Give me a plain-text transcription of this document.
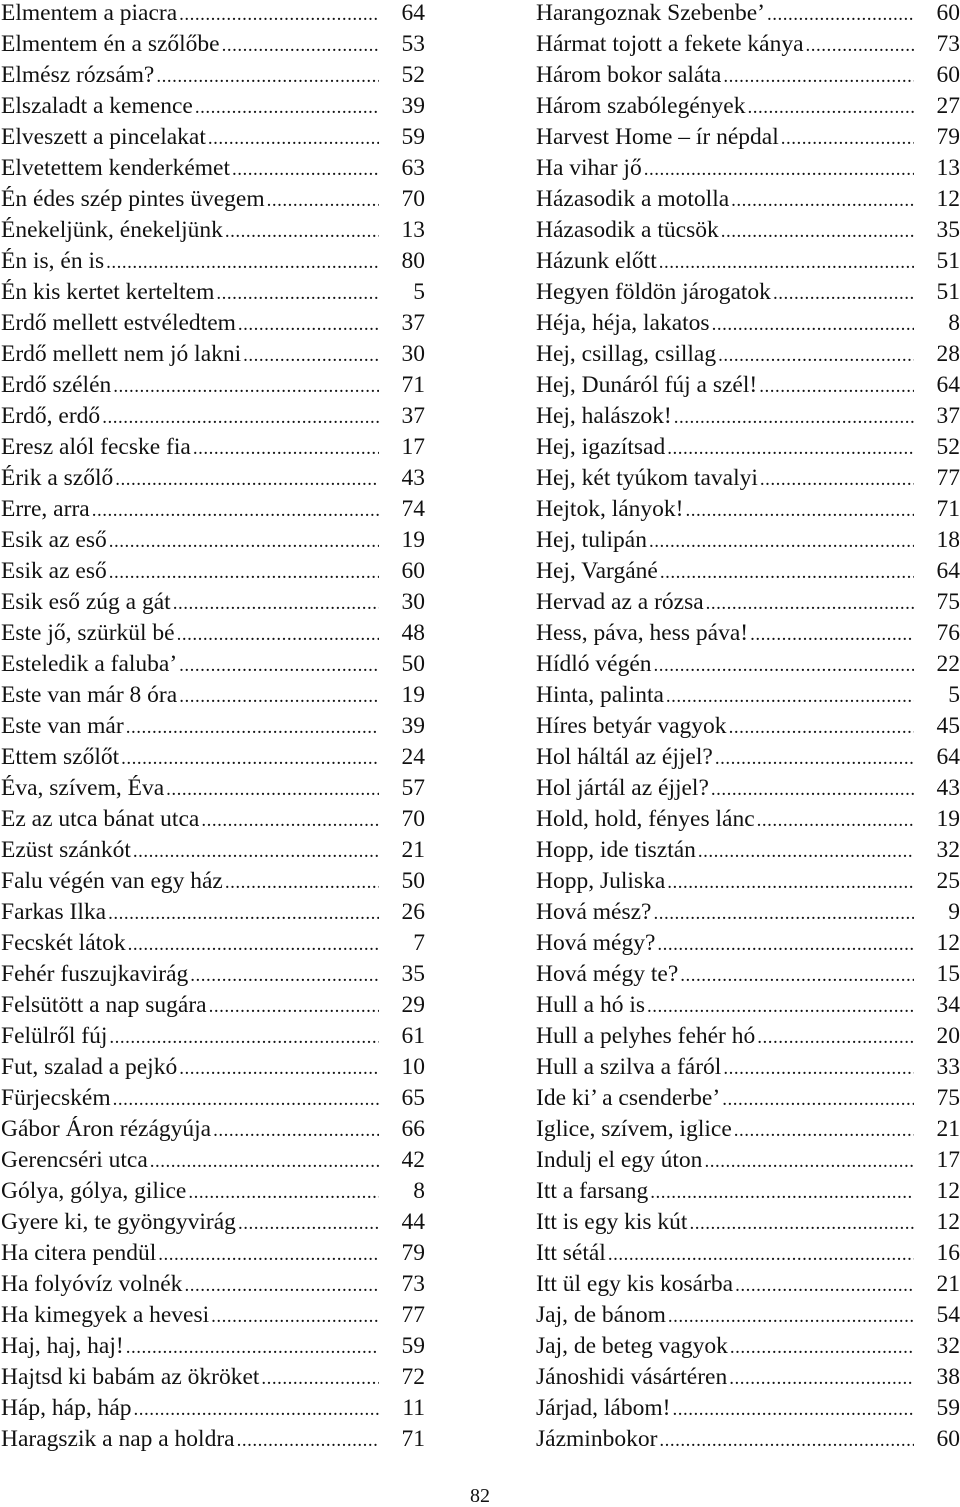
Elmentem a piacra .....	64
Elmentem én a szőlőbe .....	53
Elmész rózsám? .....	52
Elszaladt a kemence .....	39
Elveszett a pincelakat .....	59
Elvetettem kenderkémet .....	63
Én édes szép pintes üvegem .....	70
Énekeljünk, énekeljünk .....	13
Én is, én is .....	80
Én kis kertet kerteltem .....	5
Erdő mellett estvéledtem .....	37
Erdő mellett nem jó lakni .....	30
Erdő szélén .....	71
Erdő, erdő .....	37
Eresz alól fecske fia .....	17
Érik a szőlő .....	43
Erre, arra .....	74
Esik az eső .....	19
Esik az eső .....	60
Esik eső zúg a gát .....	30
Este jő, szürkül bé .....	48
Esteledik a faluba’ .....	50
Este van már 8 óra .....	19
Este van már .....	39
Ettem szőlőt .....	24
Éva, szívem, Éva .....	57
Ez az utca bánat utca .....	70
Ezüst szánkót .....	21
Falu végén van egy ház .....	50
Farkas Ilka .....	26
Fecskét látok .....	7
Fehér fuszujkavirág .....	35
Felsütött a nap sugára .....	29
Felülről fúj .....	61
Fut, szalad a pejkó .....	10
Fürjecském .....	65
Gábor Áron rézágyúja .....	66
Gerencséri utca .....	42
Gólya, gólya, gilice .....	8
Gyere ki, te gyöngyvirág .....	44
Ha citera pendül .....	79
Ha folyóvíz volnék .....	73
Ha kimegyek a hevesi .....	77
Haj, haj, haj! .....	59
Hajtsd ki babám az ökröket .....	72
Háp, háp, háp .....	11
Haragszik a nap a holdra .....	71
Harangoznak Szebenbe’ .....	60
Hármat tojott a fekete kánya .....	73
Három bokor saláta .....	60
Három szabólegények .....	27
Harvest Home – ír népdal .....	79
Ha vihar jő .....	13
Házasodik a motolla .....	12
Házasodik a tücsök .....	35
Házunk előtt .....	51
Hegyen földön járogatok .....	51
Héja, héja, lakatos .....	8
Hej, csillag, csillag .....	28
Hej, Dunáról fúj a szél! .....	64
Hej, halászok! .....	37
Hej, igazítsad .....	52
Hej, két tyúkom tavalyi .....	77
Hejtok, lányok! .....	71
Hej, tulipán .....	18
Hej, Vargáné .....	64
Hervad az a rózsa .....	75
Hess, páva, hess páva! .....	76
Hídló végén .....	22
Hinta, palinta .....	5
Híres betyár vagyok .....	45
Hol háltál az éjjel? .....	64
Hol jártál az éjjel? .....	43
Hold, hold, fényes lánc .....	19
Hopp, ide tisztán .....	32
Hopp, Juliska .....	25
Hová mész? .....	9
Hová mégy? .....	12
Hová mégy te? .....	15
Hull a hó is .....	34
Hull a pelyhes fehér hó .....	20
Hull a szilva a fáról .....	33
Ide ki’ a csenderbe’ .....	75
Iglice, szívem, iglice .....	21
Indulj el egy úton .....	17
Itt a farsang .....	12
Itt is egy kis kút .....	12
Itt sétál .....	16
Itt ül egy kis kosárba .....	21
Jaj, de bánom .....	54
Jaj, de beteg vagyok .....	32
Jánoshidi vásártéren .....	38
Járjad, lábom! .....	59
Jázminbokor .....	60
82
